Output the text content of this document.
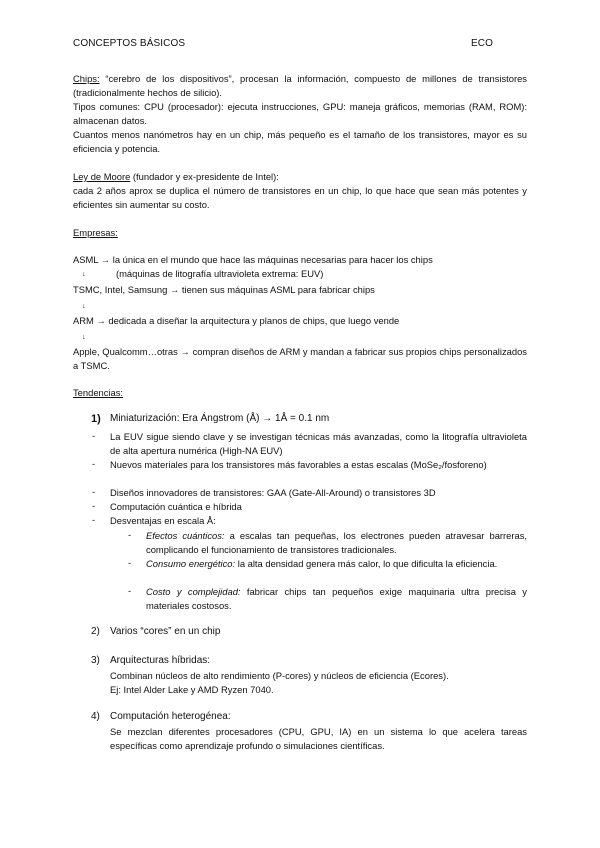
CONCEPTOS BÁSICOS	ECO
Chips: “cerebro de los dispositivos”, procesan la información, compuesto de millones de transistores (tradicionalmente hechos de silicio).
Tipos comunes: CPU (procesador): ejecuta instrucciones, GPU: maneja gráficos, memorias (RAM, ROM): almacenan datos.
Cuantos menos nanómetros hay en un chip, más pequeño es el tamaño de los transistores, mayor es su eficiencia y potencia.
Ley de Moore (fundador y ex-presidente de Intel):
cada 2 años aprox se duplica el número de transistores en un chip, lo que hace que sean más potentes y eficientes sin aumentar su costo.
Empresas:
ASML → la única en el mundo que hace las máquinas necesarias para hacer los chips
↓	(máquinas de litografía ultravioleta extrema: EUV)
TSMC, Intel, Samsung → tienen sus máquinas ASML para fabricar chips
↓
ARM → dedicada a diseñar la arquitectura y planos de chips, que luego vende
↓
Apple, Qualcomm…otras → compran diseños de ARM y mandan a fabricar sus propios chips personalizados a TSMC.
Tendencias:
1) Miniaturización: Era Ángstrom (Å) → 1Å = 0.1 nm
-	La EUV sigue siendo clave y se investigan técnicas más avanzadas, como la litografía ultravioleta de alta apertura numérica (High-NA EUV)
-	Nuevos materiales para los transistores más favorables a estas escalas (MoSe₂/fosforeno)
-	Diseños innovadores de transistores: GAA (Gate-All-Around) o transistores 3D
-	Computación cuántica e híbrida
-	Desventajas en escala Å:
-	Efectos cuánticos: a escalas tan pequeñas, los electrones pueden atravesar barreras, complicando el funcionamiento de transistores tradicionales.
-	Consumo energético: la alta densidad genera más calor, lo que dificulta la eficiencia.
-	Costo y complejidad: fabricar chips tan pequeños exige maquinaria ultra precisa y materiales costosos.
2) Varios “cores” en un chip
3) Arquitecturas híbridas:
Combinan núcleos de alto rendimiento (P-cores) y núcleos de eficiencia (Ecores).
Ej: Intel Alder Lake y AMD Ryzen 7040.
4) Computación heterogénea:
Se mezclan diferentes procesadores (CPU, GPU, IA) en un sistema lo que acelera tareas específicas como aprendizaje profundo o simulaciones científicas.
